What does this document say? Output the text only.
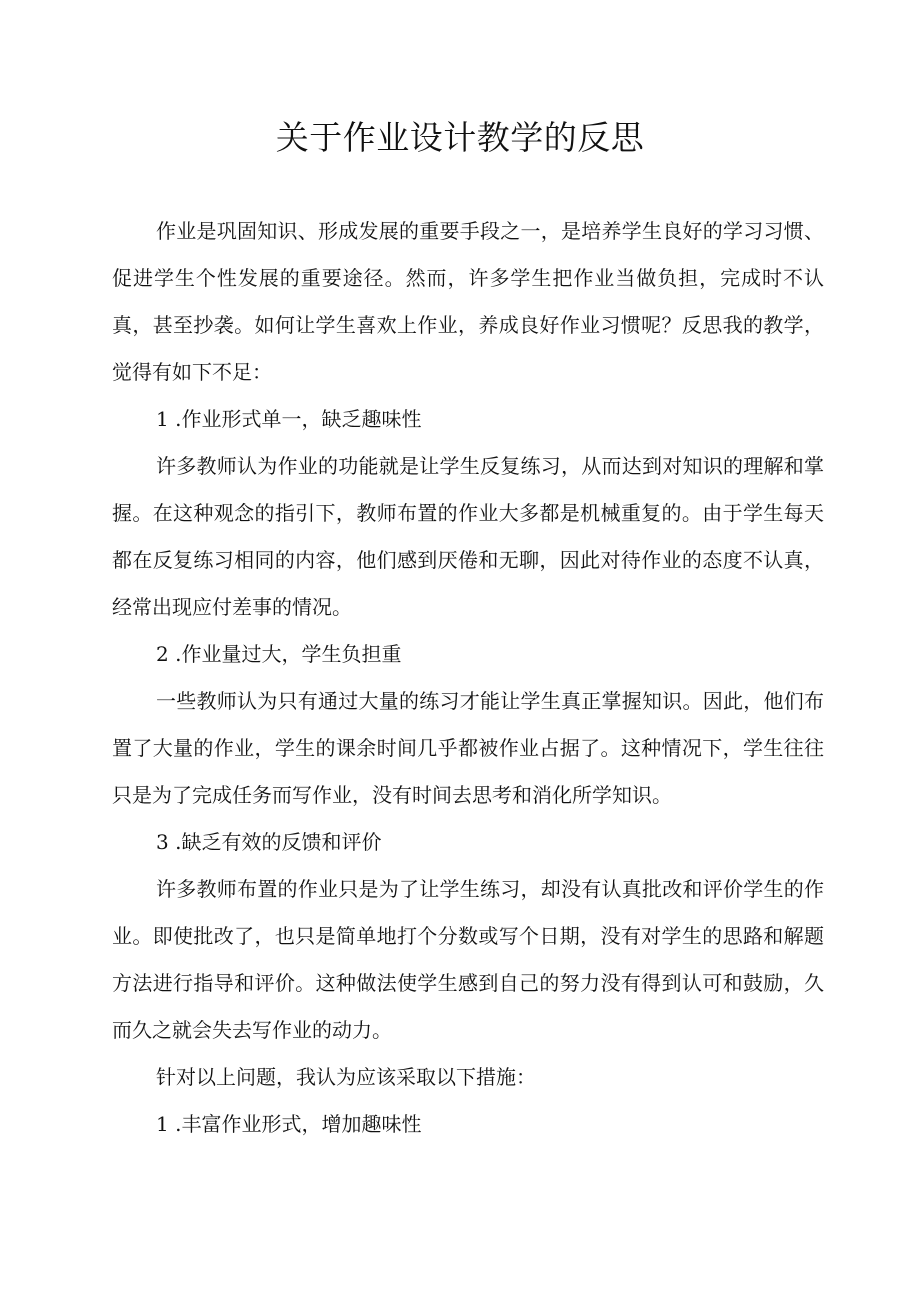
关于作业设计教学的反思

作业是巩固知识、形成发展的重要手段之一，是培养学生良好的学习习惯、促进学生个性发展的重要途径。然而，许多学生把作业当做负担，完成时不认真，甚至抄袭。如何让学生喜欢上作业，养成良好作业习惯呢？反思我的教学，觉得有如下不足：

1 .作业形式单一，缺乏趣味性

许多教师认为作业的功能就是让学生反复练习，从而达到对知识的理解和掌握。在这种观念的指引下，教师布置的作业大多都是机械重复的。由于学生每天都在反复练习相同的内容，他们感到厌倦和无聊，因此对待作业的态度不认真，经常出现应付差事的情况。

2 .作业量过大，学生负担重

一些教师认为只有通过大量的练习才能让学生真正掌握知识。因此，他们布置了大量的作业，学生的课余时间几乎都被作业占据了。这种情况下，学生往往只是为了完成任务而写作业，没有时间去思考和消化所学知识。

3 .缺乏有效的反馈和评价

许多教师布置的作业只是为了让学生练习，却没有认真批改和评价学生的作业。即使批改了，也只是简单地打个分数或写个日期，没有对学生的思路和解题方法进行指导和评价。这种做法使学生感到自己的努力没有得到认可和鼓励，久而久之就会失去写作业的动力。

针对以上问题，我认为应该采取以下措施：

1 .丰富作业形式，增加趣味性
